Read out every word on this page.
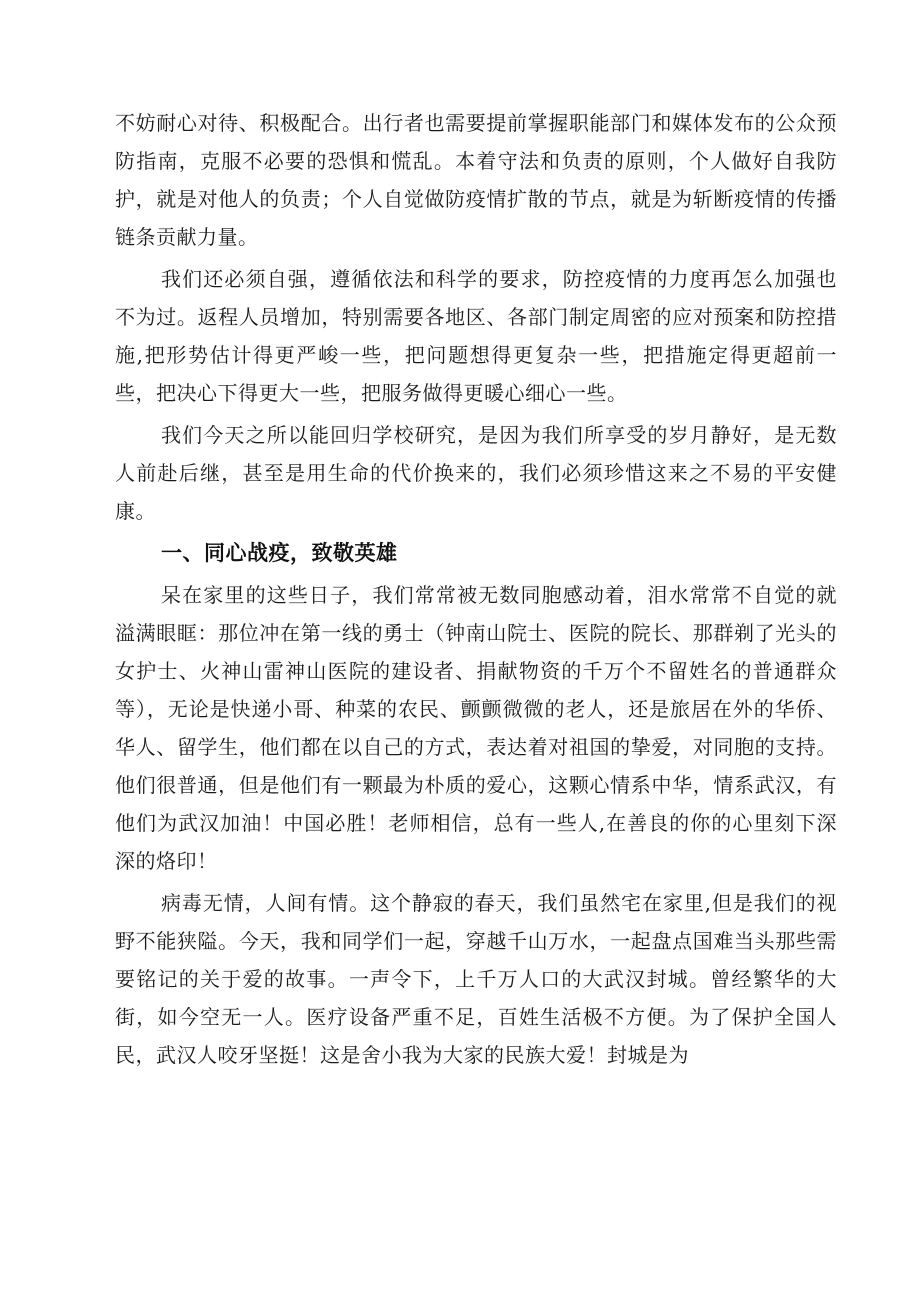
不妨耐心对待、积极配合。出行者也需要提前掌握职能部门和媒体发布的公众预防指南，克服不必要的恐惧和慌乱。本着守法和负责的原则，个人做好自我防护，就是对他人的负责；个人自觉做防疫情扩散的节点，就是为斩断疫情的传播链条贡献力量。

我们还必须自强，遵循依法和科学的要求，防控疫情的力度再怎么加强也不为过。返程人员增加，特别需要各地区、各部门制定周密的应对预案和防控措施,把形势估计得更严峻一些，把问题想得更复杂一些，把措施定得更超前一些，把决心下得更大一些，把服务做得更暖心细心一些。

我们今天之所以能回归学校研究，是因为我们所享受的岁月静好，是无数人前赴后继，甚至是用生命的代价换来的，我们必须珍惜这来之不易的平安健康。

一、同心战疫，致敬英雄

呆在家里的这些日子，我们常常被无数同胞感动着，泪水常常不自觉的就溢满眼眶：那位冲在第一线的勇士（钟南山院士、医院的院长、那群剃了光头的女护士、火神山雷神山医院的建设者、捐献物资的千万个不留姓名的普通群众等），无论是快递小哥、种菜的农民、颤颤微微的老人，还是旅居在外的华侨、华人、留学生，他们都在以自己的方式，表达着对祖国的挚爱，对同胞的支持。他们很普通，但是他们有一颗最为朴质的爱心，这颗心情系中华，情系武汉，有他们为武汉加油！中国必胜！老师相信，总有一些人,在善良的你的心里刻下深深的烙印！

病毒无情，人间有情。这个静寂的春天，我们虽然宅在家里,但是我们的视野不能狭隘。今天，我和同学们一起，穿越千山万水，一起盘点国难当头那些需要铭记的关于爱的故事。一声令下，上千万人口的大武汉封城。曾经繁华的大街，如今空无一人。医疗设备严重不足，百姓生活极不方便。为了保护全国人民，武汉人咬牙坚挺！这是舍小我为大家的民族大爱！封城是为
